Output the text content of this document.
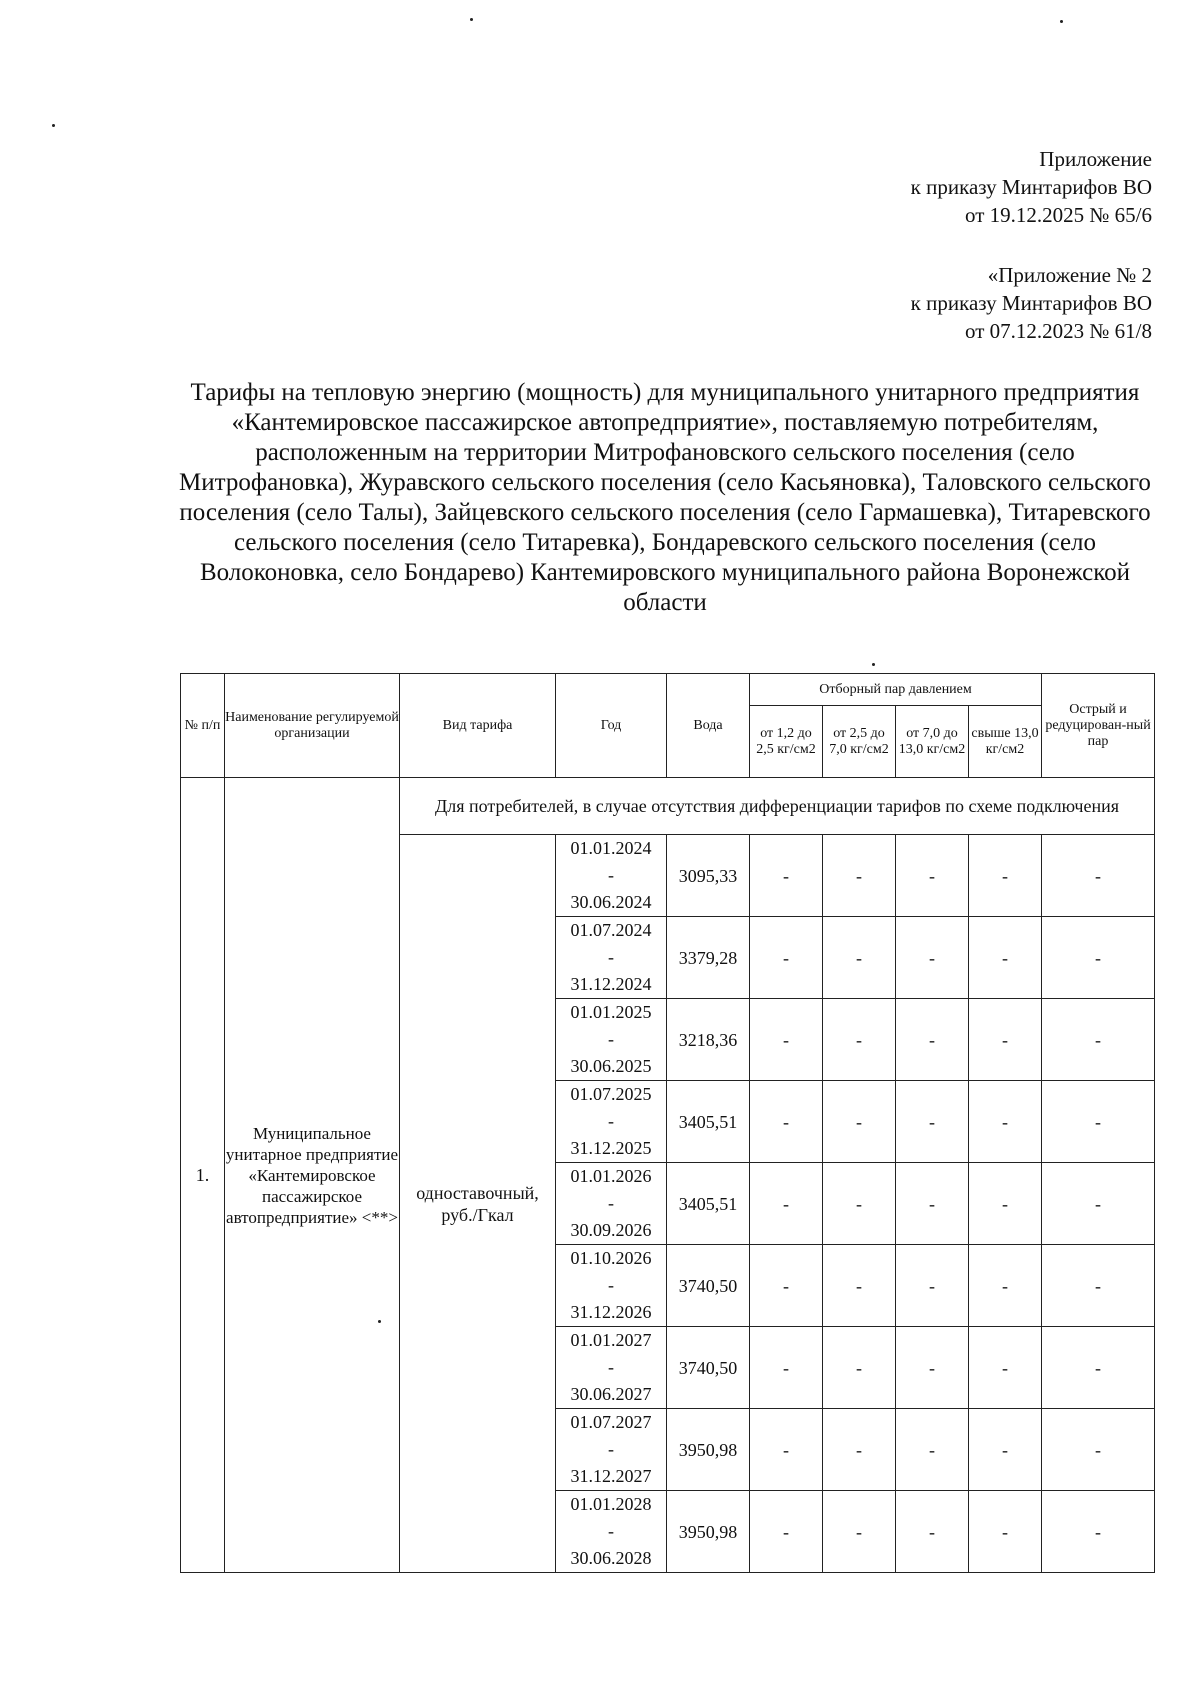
Приложение
к приказу Минтарифов ВО
от 19.12.2025 № 65/6
«Приложение № 2
к приказу Минтарифов ВО
от 07.12.2023 № 61/8
Тарифы на тепловую энергию (мощность) для муниципального унитарного предприятия «Кантемировское пассажирское автопредприятие», поставляемую потребителям, расположенным на территории Митрофановского сельского поселения (село Митрофановка), Журавского сельского поселения (село Касьяновка), Таловского сельского поселения (село Талы), Зайцевского сельского поселения (село Гармашевка), Титаревского сельского поселения (село Титаревка), Бондаревского сельского поселения (село Волоконовка, село Бондарево) Кантемировского муниципального района Воронежской области
№ п/п	Наименование регулируемой организации	Вид тарифа	Год	Вода	Отборный пар давлением				Острый и редуцирован-ный пар
					от 1,2 до 2,5 кг/см2	от 2,5 до 7,0 кг/см2	от 7,0 до 13,0 кг/см2	свыше 13,0 кг/см2	
1.	Муниципальное унитарное предприятие «Кантемировское пассажирское автопредприятие» <**>	Для потребителей, в случае отсутствия дифференциации тарифов по схеме подключения							
		одноставочный, руб./Гкал	01.01.2024
-
30.06.2024	3095,33	-	-	-	-	-
			01.07.2024
-
31.12.2024	3379,28	-	-	-	-	-
			01.01.2025
-
30.06.2025	3218,36	-	-	-	-	-
			01.07.2025
-
31.12.2025	3405,51	-	-	-	-	-
			01.01.2026
-
30.09.2026	3405,51	-	-	-	-	-
			01.10.2026
-
31.12.2026	3740,50	-	-	-	-	-
			01.01.2027
-
30.06.2027	3740,50	-	-	-	-	-
			01.07.2027
-
31.12.2027	3950,98	-	-	-	-	-
			01.01.2028
-
30.06.2028	3950,98	-	-	-	-	-
